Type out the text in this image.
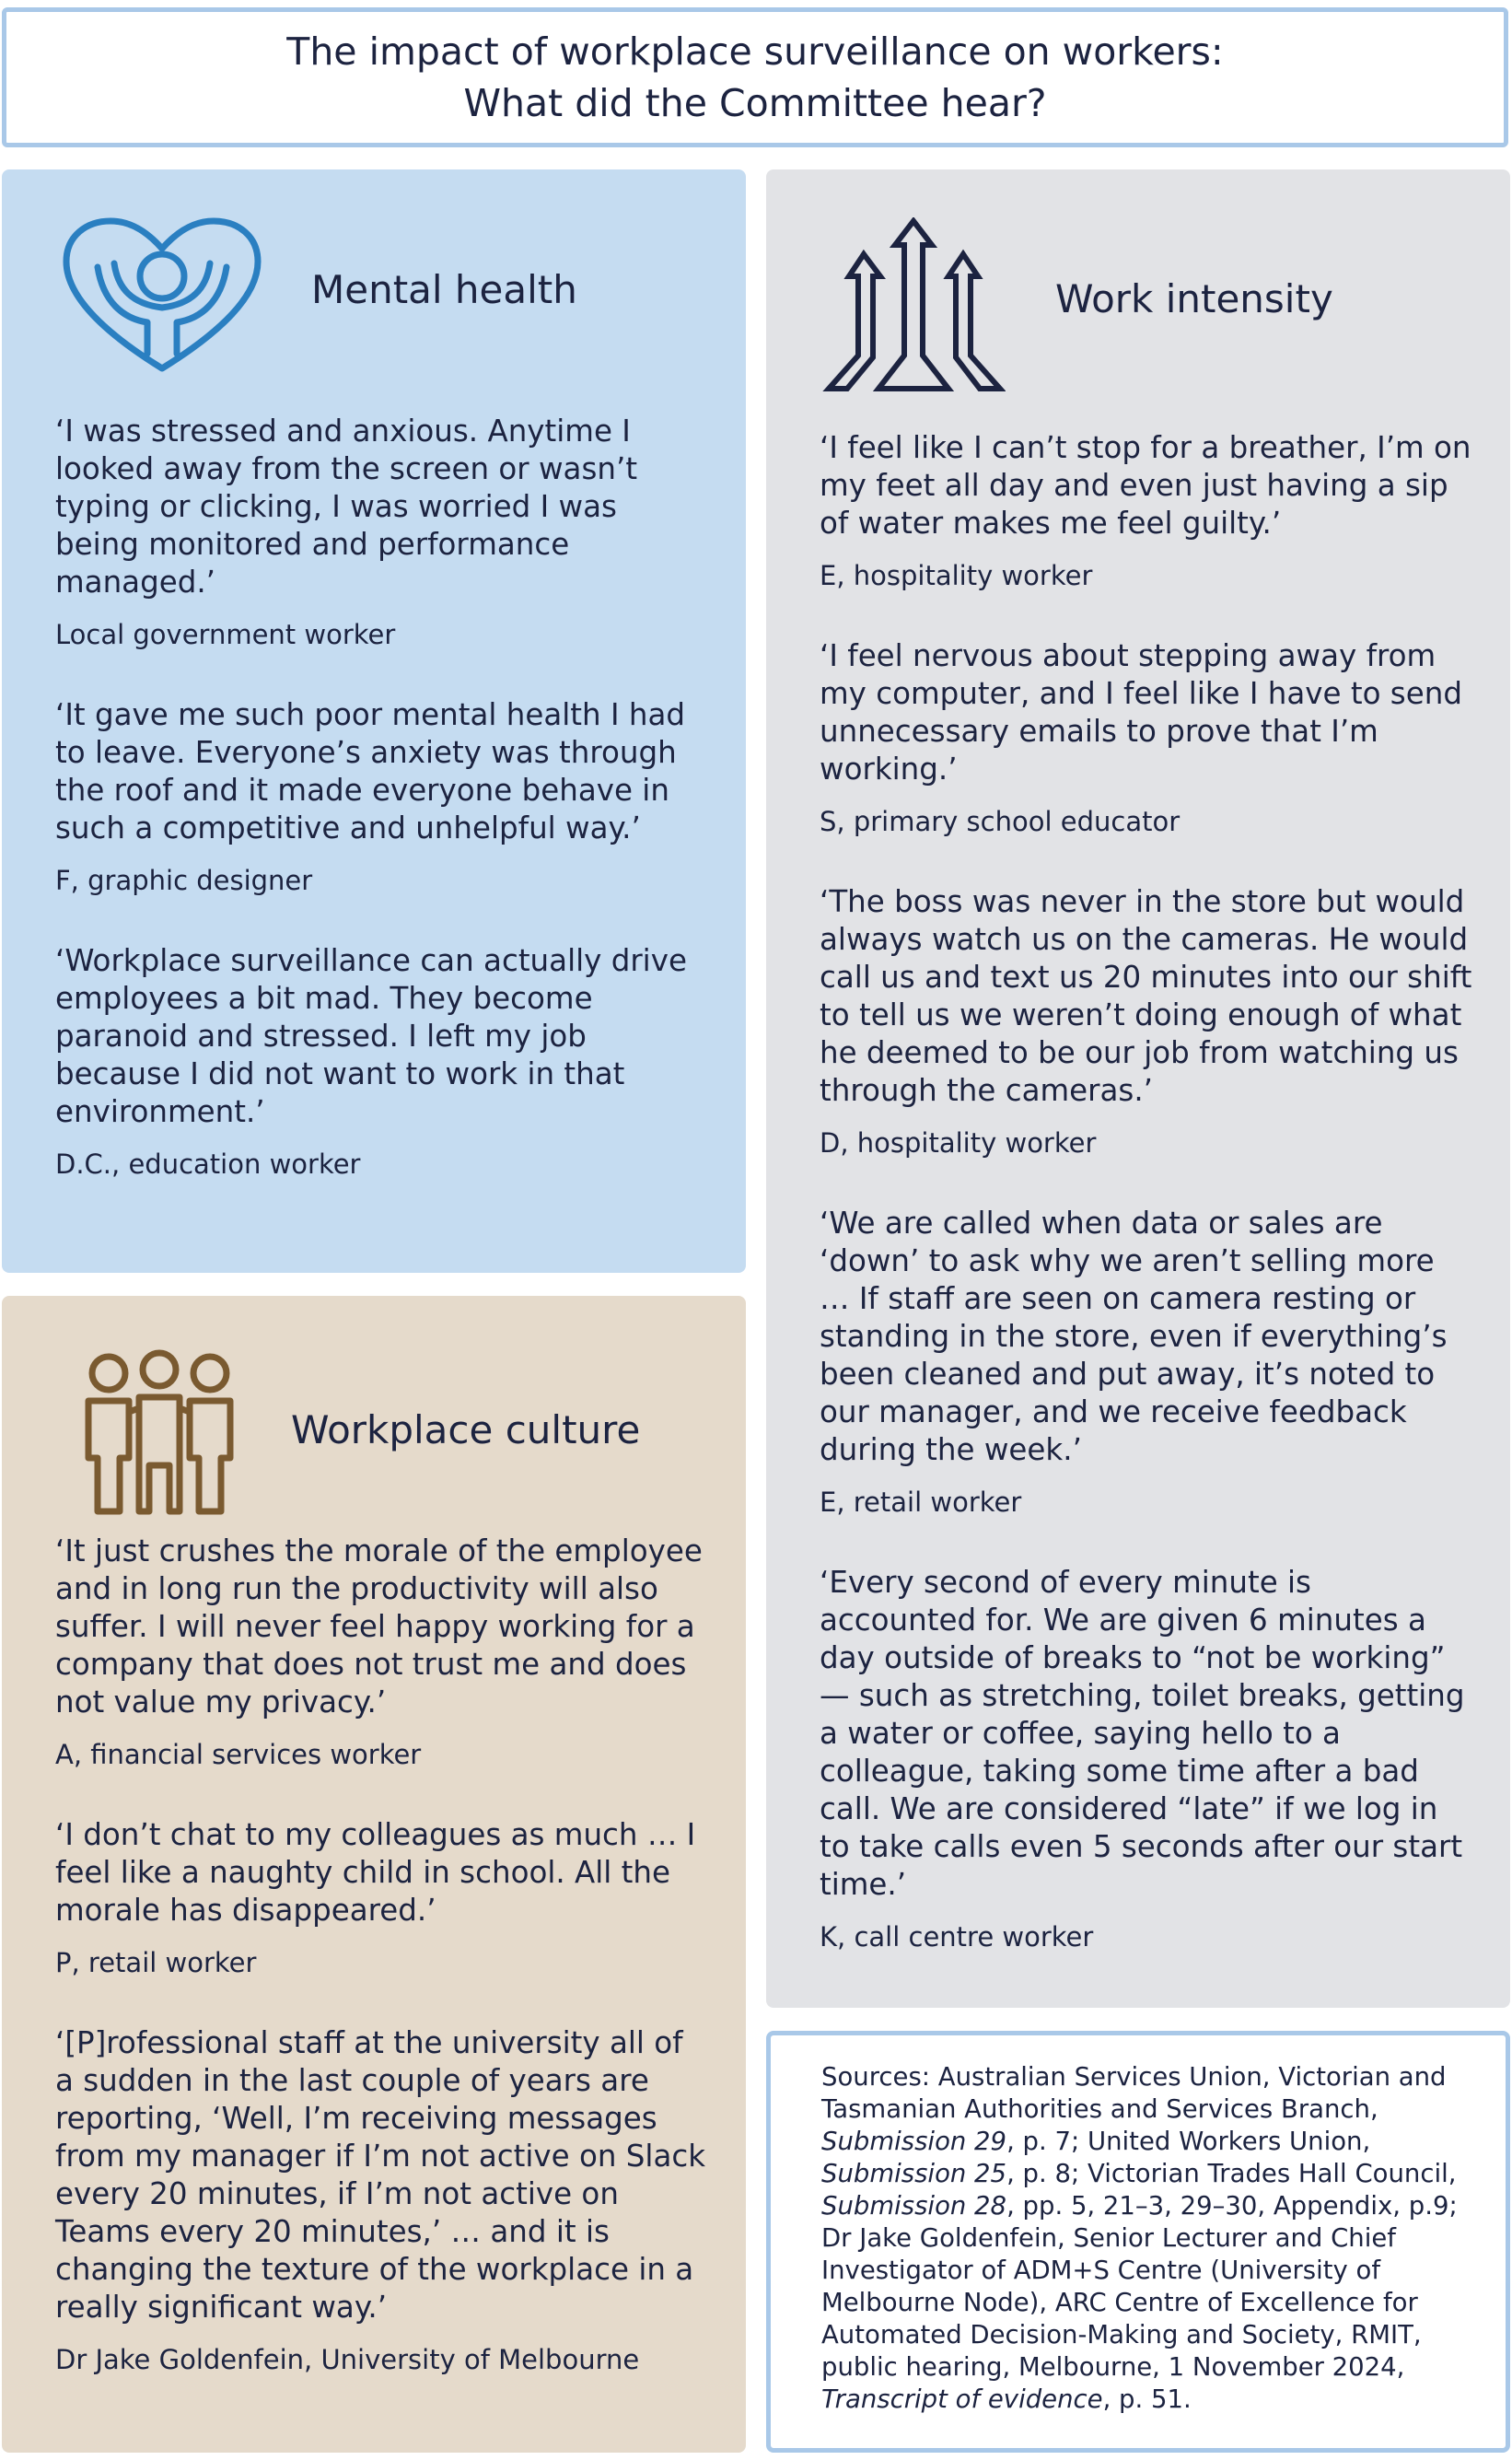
The impact of workplace surveillance on workers:
What did the Committee hear?
Mental health

‘I was stressed and anxious. Anytime I looked away from the screen or wasn’t typing or clicking, I was worried I was being monitored and performance managed.’

Local government worker

‘It gave me such poor mental health I had to leave. Everyone’s anxiety was through the roof and it made everyone behave in such a competitive and unhelpful way.’

F, graphic designer

‘Workplace surveillance can actually drive employees a bit mad. They become paranoid and stressed. I left my job because I did not want to work in that environment.’

D.C., education worker

Workplace culture

‘It just crushes the morale of the employee and in long run the productivity will also suffer. I will never feel happy working for a company that does not trust me and does not value my privacy.’

A, financial services worker

‘I don’t chat to my colleagues as much … I feel like a naughty child in school. All the morale has disappeared.’

P, retail worker

‘[P]rofessional staff at the university all of a sudden in the last couple of years are reporting, ‘Well, I’m receiving messages from my manager if I’m not active on Slack every 20 minutes, if I’m not active on Teams every 20 minutes,’ … and it is changing the texture of the workplace in a really significant way.’

Dr Jake Goldenfein, University of Melbourne

Work intensity

‘I feel like I can’t stop for a breather, I’m on my feet all day and even just having a sip of water makes me feel guilty.’

E, hospitality worker

‘I feel nervous about stepping away from my computer, and I feel like I have to send unnecessary emails to prove that I’m working.’

S, primary school educator

‘The boss was never in the store but would always watch us on the cameras. He would call us and text us 20 minutes into our shift to tell us we weren’t doing enough of what he deemed to be our job from watching us through the cameras.’

D, hospitality worker

‘We are called when data or sales are ‘down’ to ask why we aren’t selling more … If staff are seen on camera resting or standing in the store, even if everything’s been cleaned and put away, it’s noted to our manager, and we receive feedback during the week.’

E, retail worker

‘Every second of every minute is accounted for. We are given 6 minutes a day outside of breaks to “not be working” — such as stretching, toilet breaks, getting a water or coffee, saying hello to a colleague, taking some time after a bad call. We are considered “late” if we log in to take calls even 5 seconds after our start time.’

K, call centre worker

Sources: Australian Services Union, Victorian and Tasmanian Authorities and Services Branch, Submission 29, p. 7; United Workers Union, Submission 25, p. 8; Victorian Trades Hall Council, Submission 28, pp. 5, 21–3, 29–30, Appendix, p.9; Dr Jake Goldenfein, Senior Lecturer and Chief Investigator of ADM+S Centre (University of Melbourne Node), ARC Centre of Excellence for Automated Decision-Making and Society, RMIT, public hearing, Melbourne, 1 November 2024, Transcript of evidence, p. 51.
